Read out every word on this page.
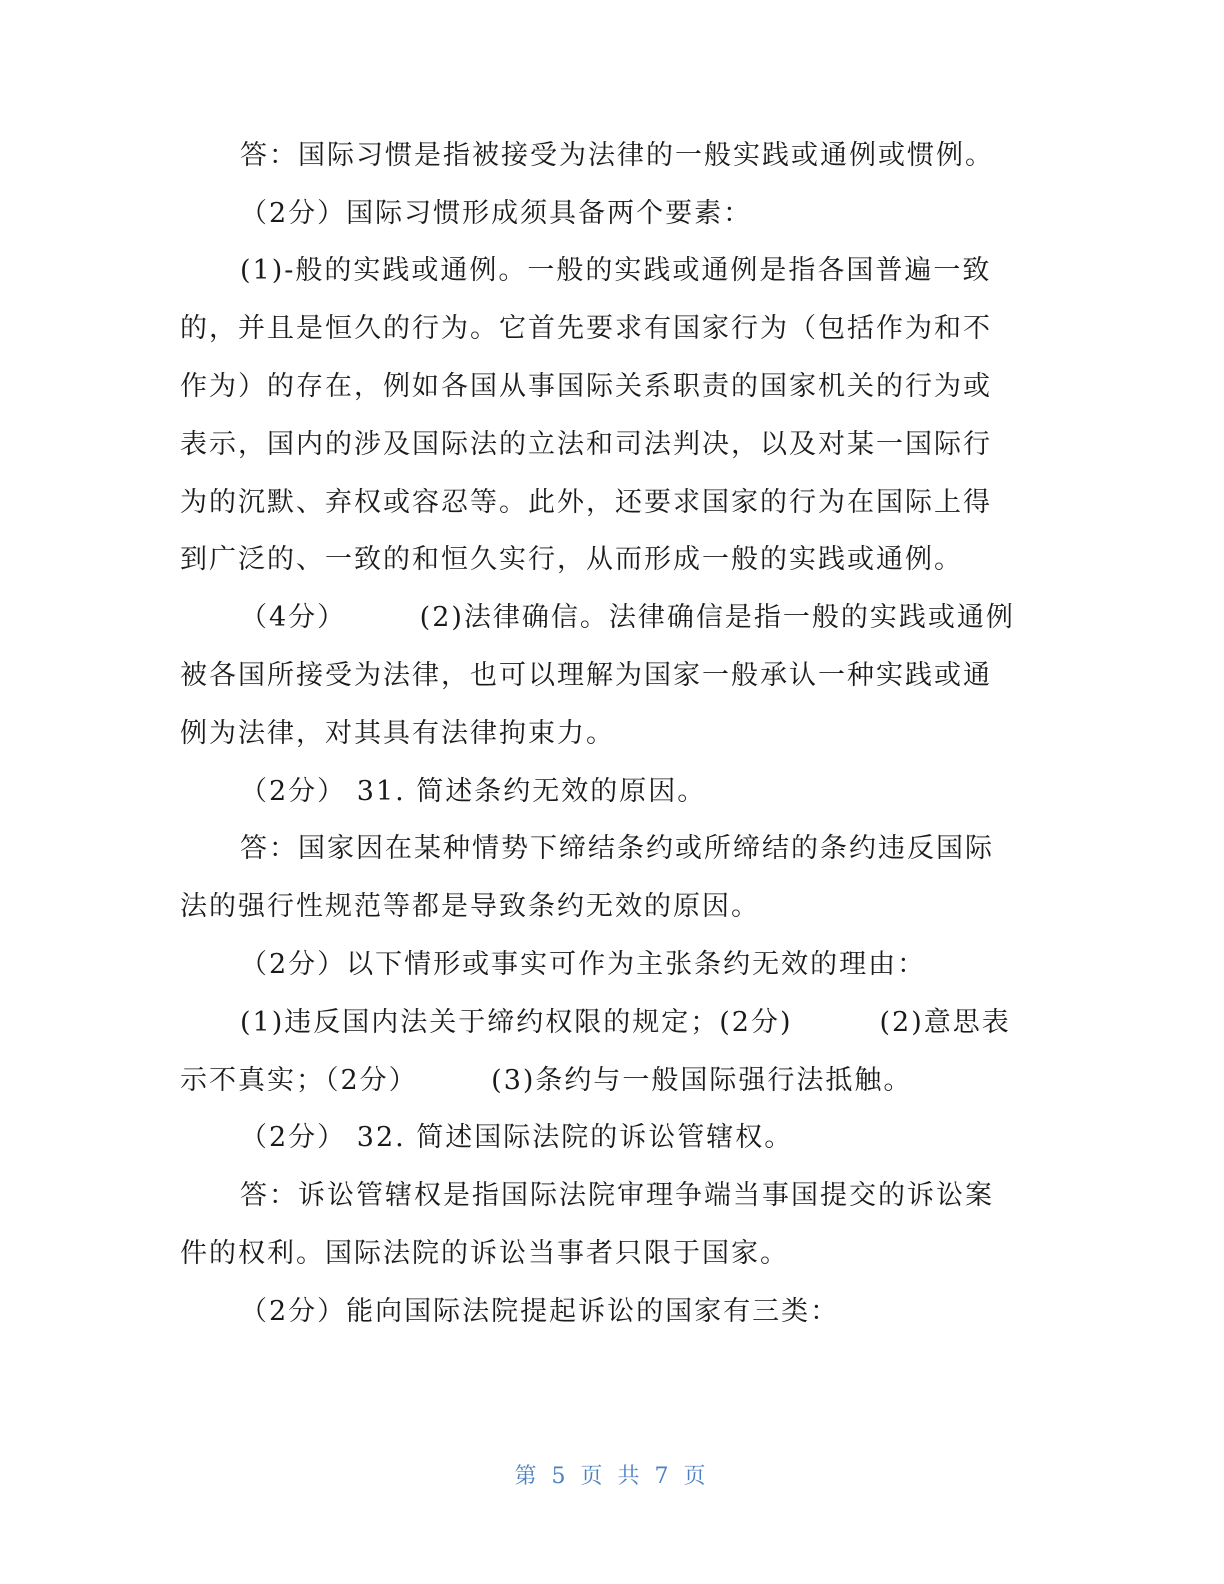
答：国际习惯是指被接受为法律的一般实践或通例或惯例。
（2分）国际习惯形成须具备两个要素：
(1)-般的实践或通例。一般的实践或通例是指各国普遍一致
的，并且是恒久的行为。它首先要求有国家行为（包括作为和不
作为）的存在，例如各国从事国际关系职责的国家机关的行为或
表示，国内的涉及国际法的立法和司法判决，以及对某一国际行
为的沉默、弃权或容忍等。此外，还要求国家的行为在国际上得
到广泛的、一致的和恒久实行，从而形成一般的实践或通例。
（4分）　　　(2)法律确信。法律确信是指一般的实践或通例
被各国所接受为法律，也可以理解为国家一般承认一种实践或通
例为法律，对其具有法律拘束力。
（2分） 31. 简述条约无效的原因。
答：国家因在某种情势下缔结条约或所缔结的条约违反国际
法的强行性规范等都是导致条约无效的原因。
（2分）以下情形或事实可作为主张条约无效的理由：
(1)违反国内法关于缔约权限的规定；(2分)　　　(2)意思表
示不真实；（2分）　　　(3)条约与一般国际强行法抵触。
（2分） 32. 简述国际法院的诉讼管辖权。
答：诉讼管辖权是指国际法院审理争端当事国提交的诉讼案
件的权利。国际法院的诉讼当事者只限于国家。
（2分）能向国际法院提起诉讼的国家有三类：
第 5 页 共 7 页
